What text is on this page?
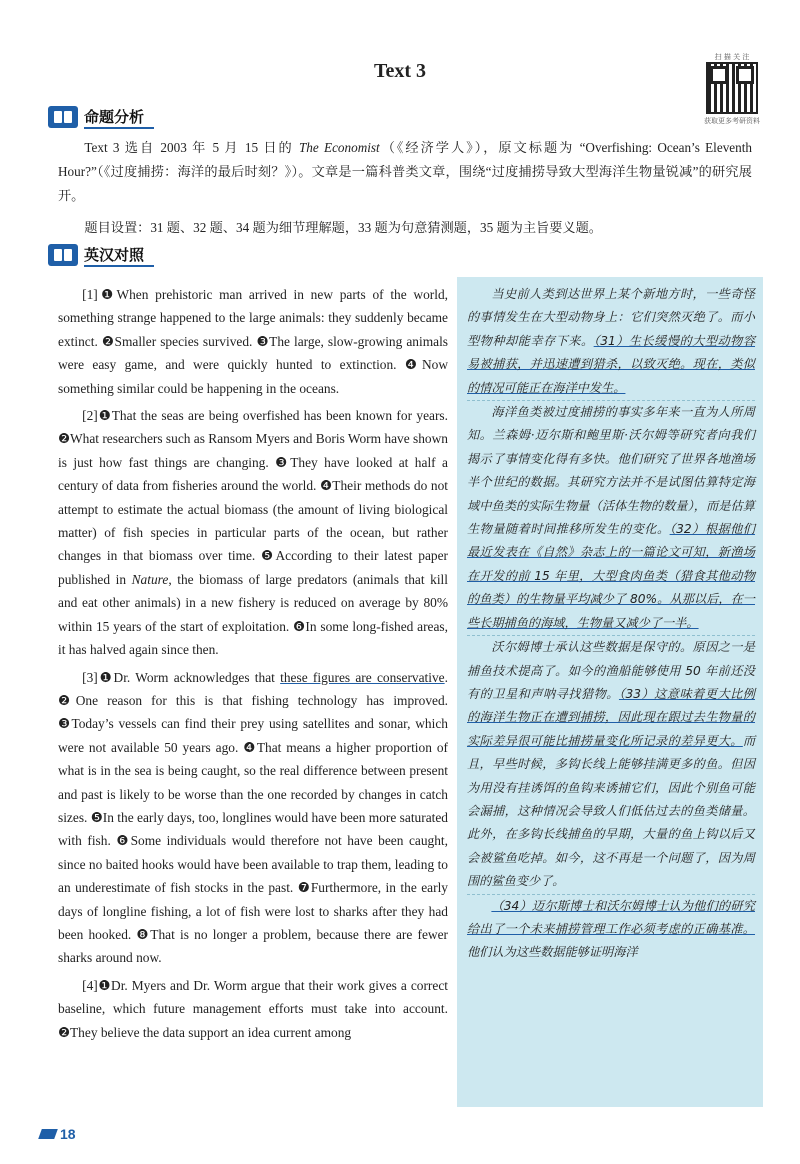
Text 3
扫 描 关 注
获取更多考研资料
命题分析

Text 3 选自 2003 年 5 月 15 日的 The Economist（《经济学人》），原文标题为 “Overfishing: Ocean’s Eleventh Hour?”（《过度捕捞：海洋的最后时刻？》）。文章是一篇科普类文章，围绕“过度捕捞导致大型海洋生物量锐减”的研究展开。

题目设置：31 题、32 题、34 题为细节理解题，33 题为句意猜测题，35 题为主旨要义题。

英汉对照

[1]❶When prehistoric man arrived in new parts of the world, something strange happened to the large animals: they suddenly became extinct. ❷Smaller species survived. ❸The large, slow-growing animals were easy game, and were quickly hunted to extinction. ❹Now something similar could be happening in the oceans.

[2]❶That the seas are being overfished has been known for years. ❷What researchers such as Ransom Myers and Boris Worm have shown is just how fast things are changing. ❸They have looked at half a century of data from fisheries around the world. ❹Their methods do not attempt to estimate the actual biomass (the amount of living biological matter) of fish species in particular parts of the ocean, but rather changes in that biomass over time. ❺According to their latest paper published in Nature, the biomass of large predators (animals that kill and eat other animals) in a new fishery is reduced on average by 80% within 15 years of the start of exploitation. ❻In some long-fished areas, it has halved again since then.

[3]❶Dr. Worm acknowledges that these figures are conservative. ❷One reason for this is that fishing technology has improved. ❸Today’s vessels can find their prey using satellites and sonar, which were not available 50 years ago. ❹That means a higher proportion of what is in the sea is being caught, so the real difference between present and past is likely to be worse than the one recorded by changes in catch sizes. ❺In the early days, too, longlines would have been more saturated with fish. ❻Some individuals would therefore not have been caught, since no baited hooks would have been available to trap them, leading to an underestimate of fish stocks in the past. ❼Furthermore, in the early days of longline fishing, a lot of fish were lost to sharks after they had been hooked. ❽That is no longer a problem, because there are fewer sharks around now.

[4]❶Dr. Myers and Dr. Worm argue that their work gives a correct baseline, which future management efforts must take into account. ❷They believe the data support an idea current among

当史前人类到达世界上某个新地方时，一些奇怪的事情发生在大型动物身上：它们突然灭绝了。而小型物种却能幸存下来。（31）生长缓慢的大型动物容易被捕获，并迅速遭到猎杀，以致灭绝。现在，类似的情况可能正在海洋中发生。

海洋鱼类被过度捕捞的事实多年来一直为人所周知。兰森姆·迈尔斯和鲍里斯·沃尔姆等研究者向我们揭示了事情变化得有多快。他们研究了世界各地渔场半个世纪的数据。其研究方法并不是试图估算特定海域中鱼类的实际生物量（活体生物的数量），而是估算生物量随着时间推移所发生的变化。（32）根据他们最近发表在《自然》杂志上的一篇论文可知，新渔场在开发的前 15 年里，大型食肉鱼类（猎食其他动物的鱼类）的生物量平均减少了 80%。从那以后，在一些长期捕鱼的海域，生物量又减少了一半。

沃尔姆博士承认这些数据是保守的。原因之一是捕鱼技术提高了。如今的渔船能够使用 50 年前还没有的卫星和声呐寻找猎物。（33）这意味着更大比例的海洋生物正在遭到捕捞，因此现在跟过去生物量的实际差异很可能比捕捞量变化所记录的差异更大。而且，早些时候，多钩长线上能够挂满更多的鱼。但因为用没有挂诱饵的鱼钩来诱捕它们，因此个别鱼可能会漏捕，这种情况会导致人们低估过去的鱼类储量。此外，在多钩长线捕鱼的早期，大量的鱼上钩以后又会被鲨鱼吃掉。如今，这不再是一个问题了，因为周围的鲨鱼变少了。

（34）迈尔斯博士和沃尔姆博士认为他们的研究给出了一个未来捕捞管理工作必须考虑的正确基准。他们认为这些数据能够证明海洋

18
